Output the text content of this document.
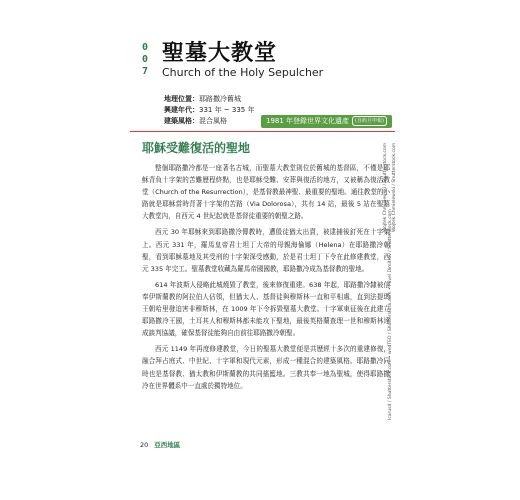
0
0
7
聖墓大教堂
Church of the Holy Sepulcher
地理位置：耶路撒冷舊城
興建年代：331 年 ~ 335 年
建築風格：混合風格	1981 年登錄世界文化遺產 (自約旦申報)
耶穌受難復活的聖地

整個耶路撒冷都是一座著名古城，而聖墓大教堂則位於舊城的基督區，不僅是耶穌背負十字架的苦難歷程終點，也是耶穌受難、安葬與復活的地方，又被稱為復活教堂（Church of the Resurrection），是基督教最神聖、最重要的聖地。通往教堂的小路就是耶穌當時背著十字架的苦路（Via Dolorosa），共有 14 站，最後 5 站在聖墓大教堂內，自西元 4 世紀起就是基督徒重要的朝聖之路。

西元 30 年耶穌來到耶路撒冷傳教時，遭殷徒猶太出賣，被逮捕後釘死在十字架上。西元 331 年，羅馬皇帝君士坦丁大帝的母親海倫娜（Helena）在耶路撒冷朝聖，看到耶穌墓地及其受刑的十字架深受感動，於是君士坦丁下令在此修建教堂，西元 335 年完工。聖墓教堂收藏為羅馬帝國國教，耶路撒冷成為基督教的聖地。

614 年波斯人侵略此城燒毀了教堂，後來修復重建。638 年起，耶路撒冷隸被信奉伊斯蘭教的阿拉伯人佔領，但猶太人、基督徒與穆斯林一直和平相處，直到法提瑪王朝哈里發迫害非穆斯林，在 1009 年下令拆毀聖墓大教堂。十字軍東征後在此建立耶路撒冷王國，土耳其人和穆斯林都未能攻下聖地，最後英格蘭查理一世和穆斯林達成談判協議，確保基督徒能夠自由前往耶路撒冷朝聖。

西元 1149 年再度修建教堂，今日的聖墓大教堂便是共歷經十多次的重建修復，融合拜占庭式、中世紀、十字軍和現代元素，形成一種混合的建築風格。耶路撒冷同時也是基督教、猶太教和伊斯蘭教的共同搖籃地。三教共奉一地為聖城，使得耶路撒冷在世界體系中一直處於獨特地位。

Wojtek Chmielewski / Shutterstock.com Wojtek Chmielewski / Shutterstock.com
Icarus4 / Shutterstock.com • wedTEO / Shutterstock.com • Pavel Dimitrov / Shutterstock.com
20 亞西地區
